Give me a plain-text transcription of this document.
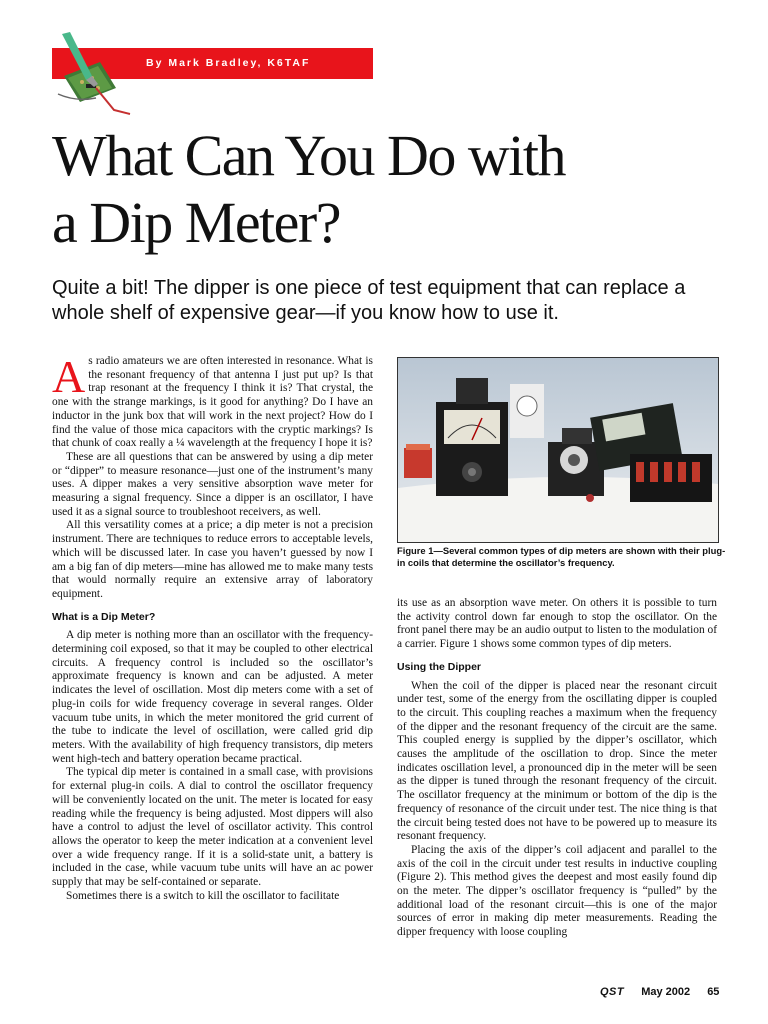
By Mark Bradley, K6TAF
What Can You Do with
a Dip Meter?

Quite a bit! The dipper is one piece of test equipment that can replace a whole shelf of expensive gear—if you know how to use it.

As radio amateurs we are often interested in resonance. What is the resonant frequency of that antenna I just put up? Is that trap resonant at the frequency I think it is? That crystal, the one with the strange markings, is it good for anything? Do I have an inductor in the junk box that will work in the next project? How do I find the value of those mica capacitors with the cryptic markings? Is that chunk of coax really a ¼ wavelength at the frequency I hope it is?

These are all questions that can be answered by using a dip meter or “dipper” to measure resonance—just one of the instrument’s many uses. A dipper makes a very sensitive absorption wave meter for measuring a signal frequency. Since a dipper is an oscillator, I have used it as a signal source to troubleshoot receivers, as well.

All this versatility comes at a price; a dip meter is not a precision instrument. There are techniques to reduce errors to acceptable levels, which will be discussed later. In case you haven’t guessed by now I am a big fan of dip meters—mine has allowed me to make many tests that would normally require an extensive array of laboratory equipment.

What is a Dip Meter?

A dip meter is nothing more than an oscillator with the frequency-determining coil exposed, so that it may be coupled to other electrical circuits. A frequency control is included so the oscillator’s approximate frequency is known and can be adjusted. A meter indicates the level of oscillation. Most dip meters come with a set of plug-in coils for wide frequency coverage in several ranges. Older vacuum tube units, in which the meter monitored the grid current of the tube to indicate the level of oscillation, were called grid dip meters. With the availability of high frequency transistors, dip meters went high-tech and battery operation became practical.

The typical dip meter is contained in a small case, with provisions for external plug-in coils. A dial to control the oscillator frequency will be conveniently located on the unit. The meter is located for easy reading while the frequency is being adjusted. Most dippers will also have a control to adjust the level of oscillator activity. This control allows the operator to keep the meter indication at a convenient level over a wide frequency range. If it is a solid-state unit, a battery is included in the case, while vacuum tube units will have an ac power supply that may be self-contained or separate.

Sometimes there is a switch to kill the oscillator to facilitate

Figure 1—Several common types of dip meters are shown with their plug-in coils that determine the oscillator’s frequency.

its use as an absorption wave meter. On others it is possible to turn the activity control down far enough to stop the oscillator. On the front panel there may be an audio output to listen to the modulation of a carrier. Figure 1 shows some common types of dip meters.

Using the Dipper

When the coil of the dipper is placed near the resonant circuit under test, some of the energy from the oscillating dipper is coupled to the circuit. This coupling reaches a maximum when the frequency of the dipper and the resonant frequency of the circuit are the same. This coupled energy is supplied by the dipper’s oscillator, which causes the amplitude of the oscillation to drop. Since the meter indicates oscillation level, a pronounced dip in the meter will be seen as the dipper is tuned through the resonant frequency of the circuit. The oscillator frequency at the minimum or bottom of the dip is the frequency of resonance of the circuit under test. The nice thing is that the circuit being tested does not have to be powered up to measure its resonant frequency.

Placing the axis of the dipper’s coil adjacent and parallel to the axis of the coil in the circuit under test results in inductive coupling (Figure 2). This method gives the deepest and most easily found dip on the meter. The dipper’s oscillator frequency is “pulled” by the additional load of the resonant circuit—this is one of the major sources of error in making dip meter measurements. Reading the dipper frequency with loose coupling

QST May 2002 65
